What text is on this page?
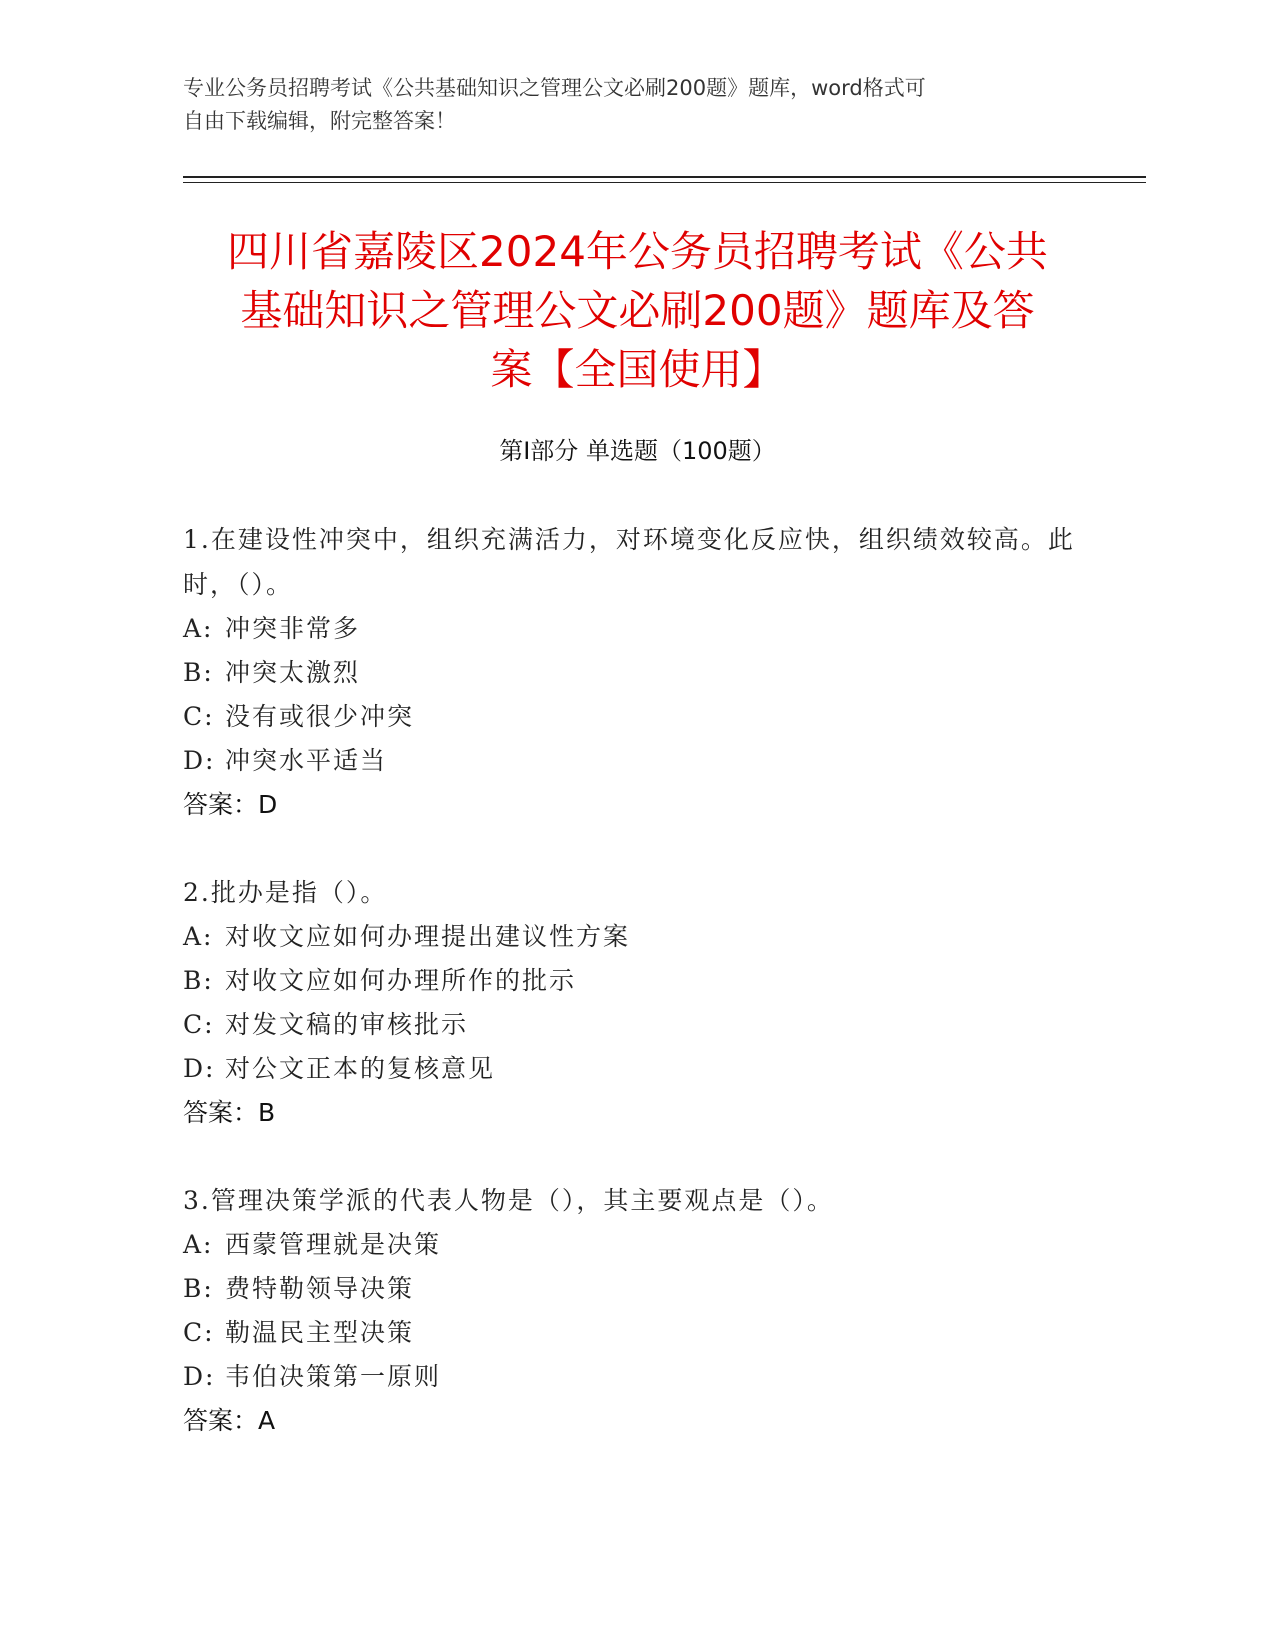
专业公务员招聘考试《公共基础知识之管理公文必刷200题》题库，word格式可
自由下载编辑，附完整答案！
四川省嘉陵区2024年公务员招聘考试《公共
基础知识之管理公文必刷200题》题库及答
案【全国使用】
第Ⅰ部分 单选题（100题）
1.在建设性冲突中，组织充满活力，对环境变化反应快，组织绩效较高。此时，（）。
A: 冲突非常多
B: 冲突太激烈
C: 没有或很少冲突
D: 冲突水平适当
答案：D
2.批办是指（）。
A: 对收文应如何办理提出建议性方案
B: 对收文应如何办理所作的批示
C: 对发文稿的审核批示
D: 对公文正本的复核意见
答案：B
3.管理决策学派的代表人物是（），其主要观点是（）。
A: 西蒙管理就是决策
B: 费特勒领导决策
C: 勒温民主型决策
D: 韦伯决策第一原则
答案：A
